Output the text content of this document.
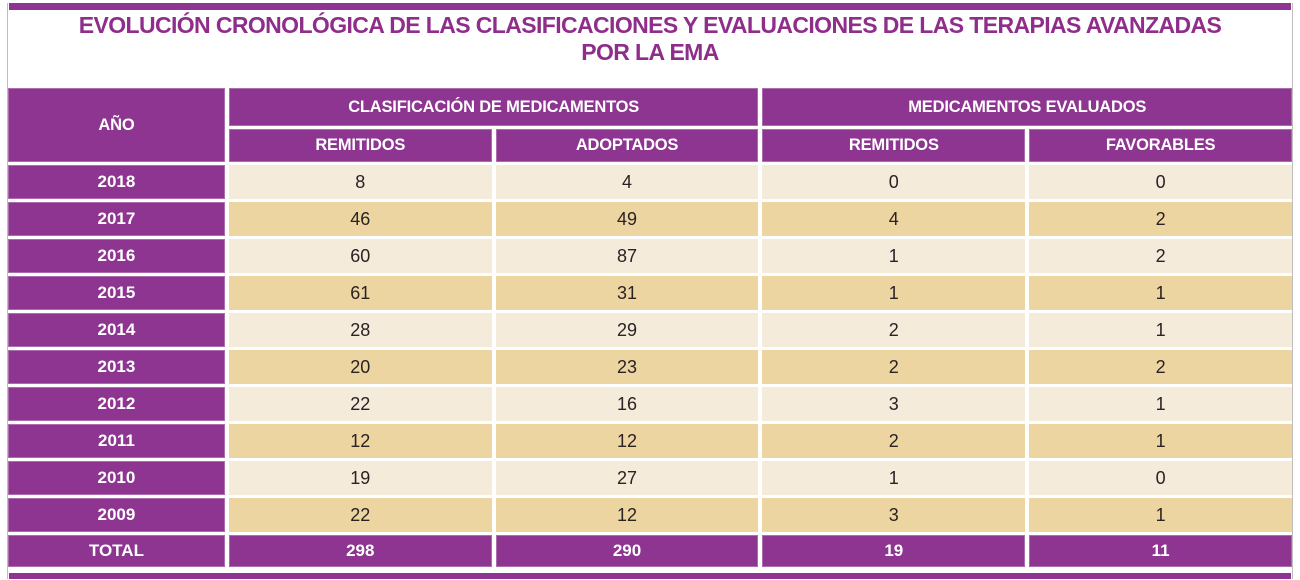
EVOLUCIÓN CRONOLÓGICA DE LAS CLASIFICACIONES Y EVALUACIONES DE LAS TERAPIAS AVANZADAS
POR LA EMA
AÑO	CLASIFICACIÓN DE MEDICAMENTOS		MEDICAMENTOS EVALUADOS	
	REMITIDOS	ADOPTADOS	REMITIDOS	FAVORABLES
2018	8	4	0	0
2017	46	49	4	2
2016	60	87	1	2
2015	61	31	1	1
2014	28	29	2	1
2013	20	23	2	2
2012	22	16	3	1
2011	12	12	2	1
2010	19	27	1	0
2009	22	12	3	1
TOTAL	298	290	19	11
